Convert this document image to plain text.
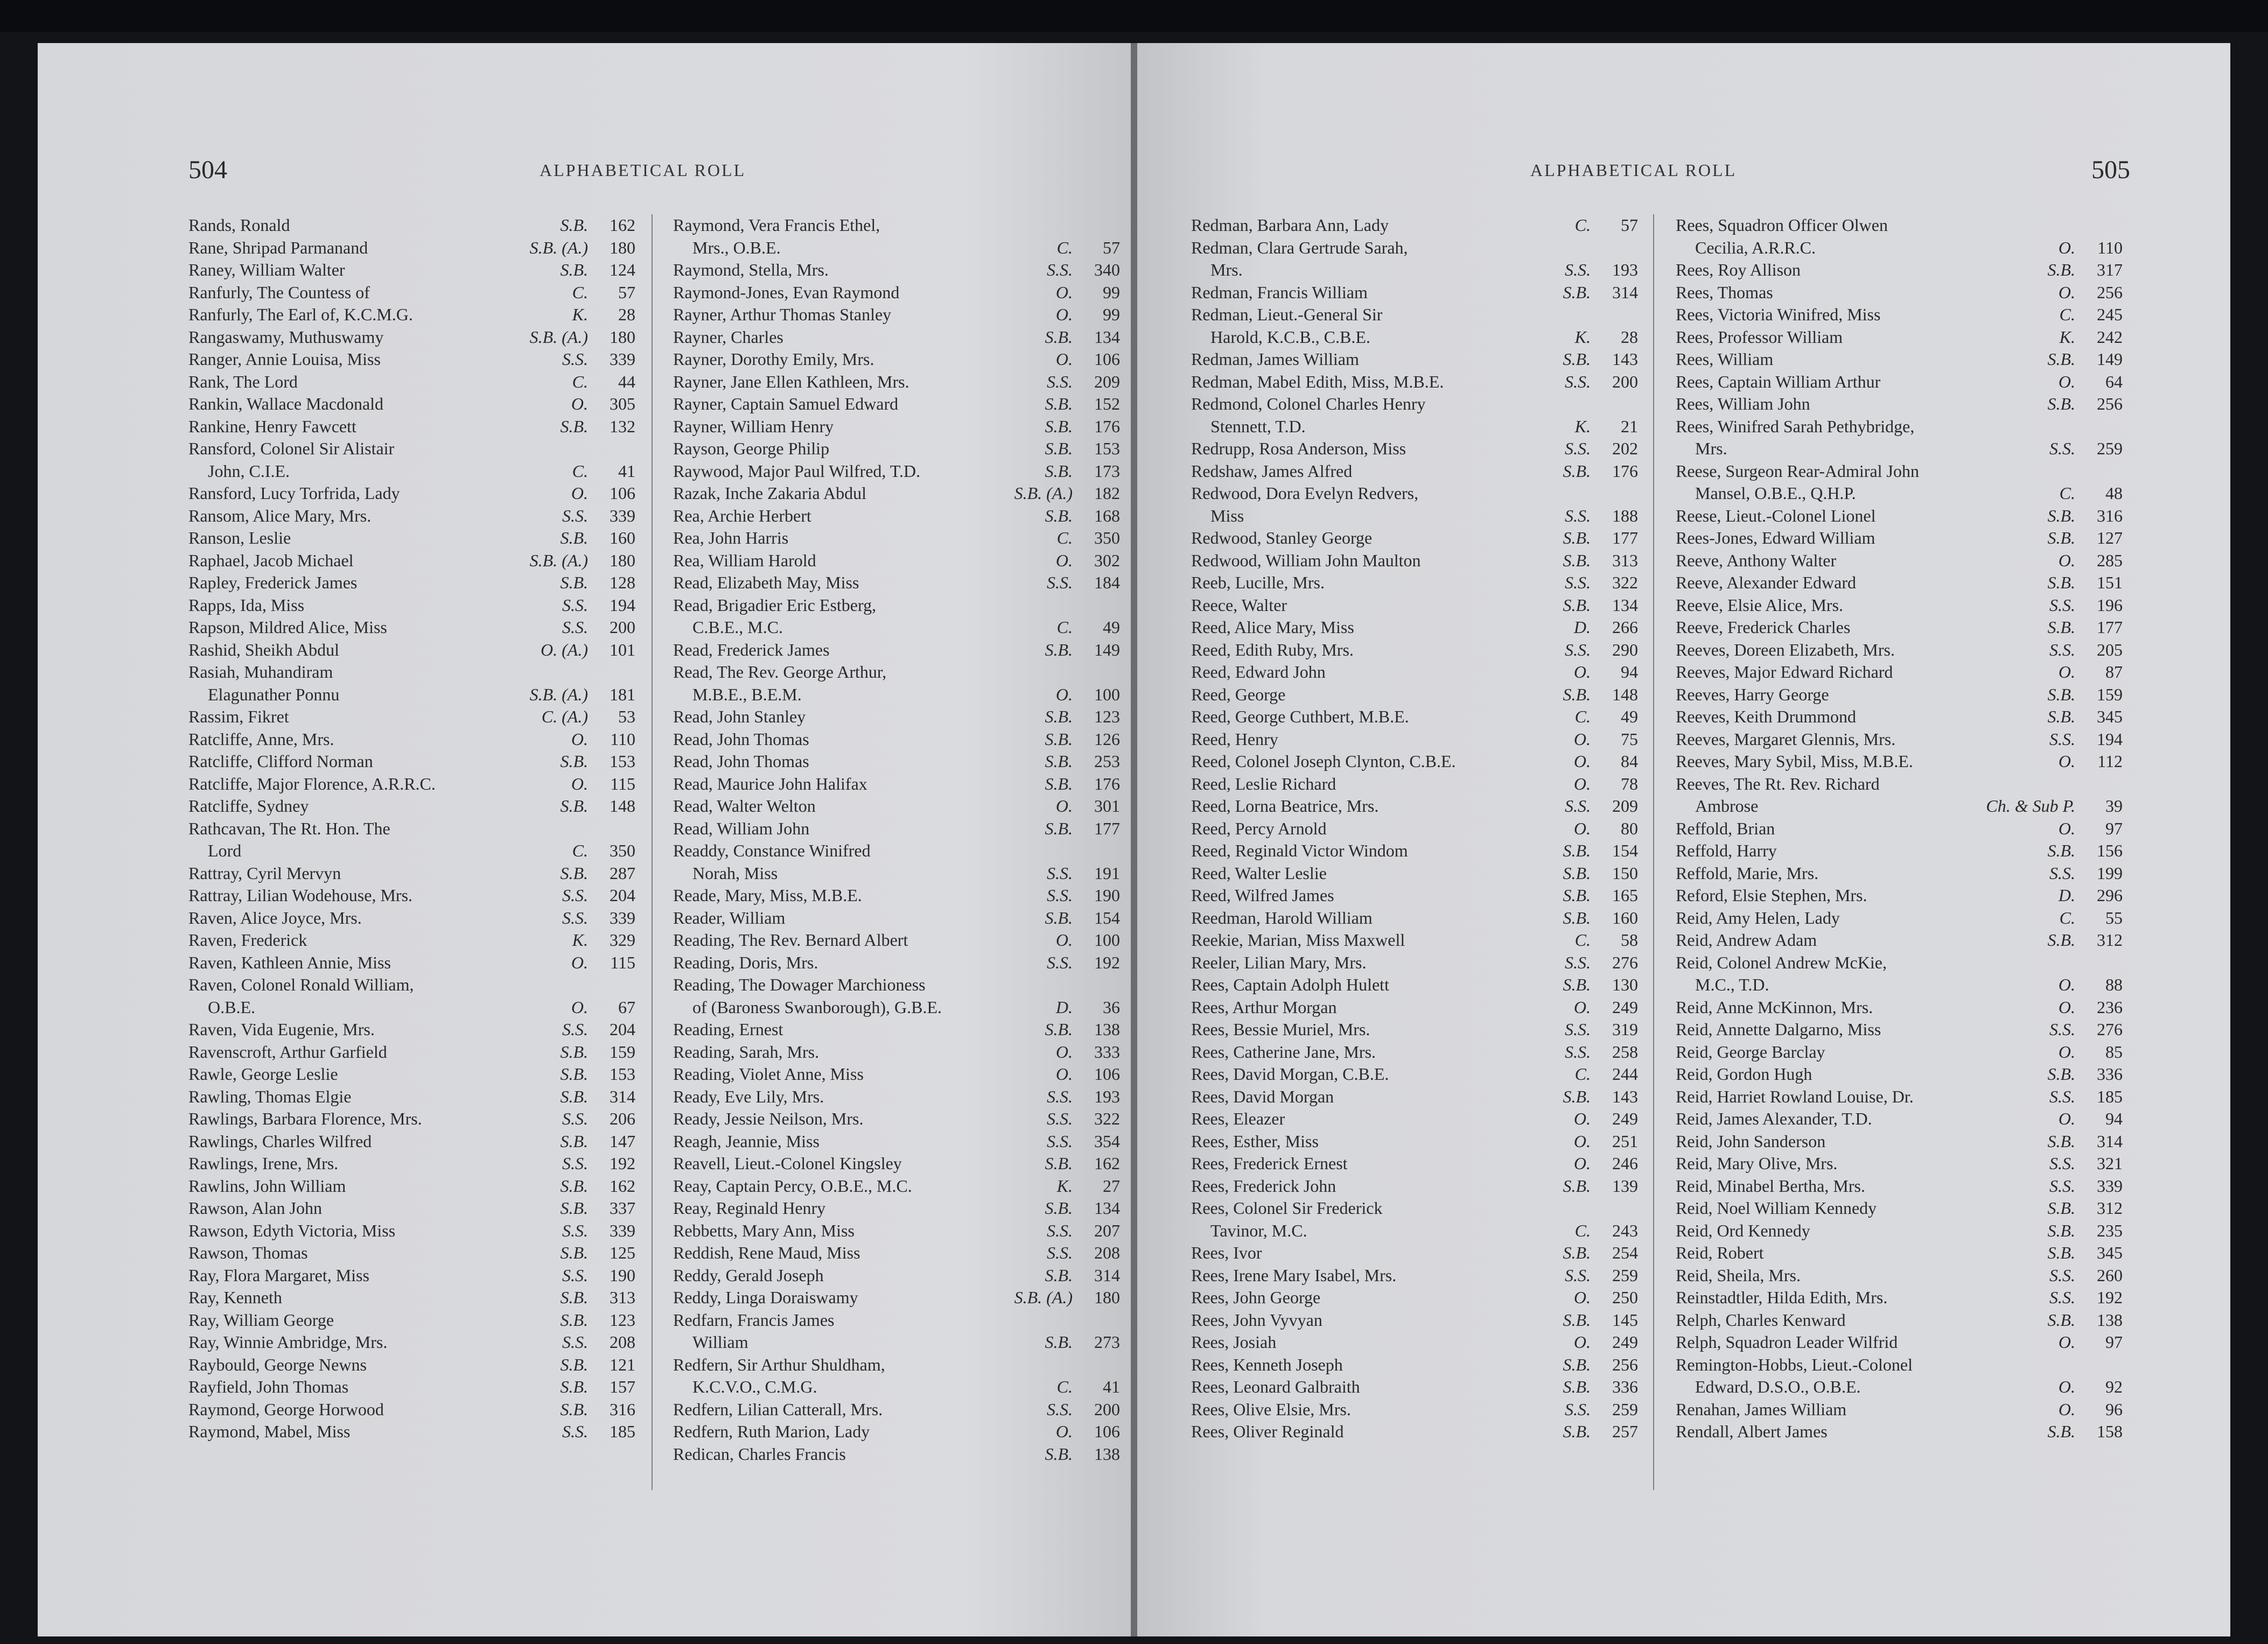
504	ALPHABETICAL ROLL
Rands, Ronald	S.B.	162
Rane, Shripad Parmanand	S.B. (A.)	180
Raney, William Walter	S.B.	124
Ranfurly, The Countess of	C.	57
Ranfurly, The Earl of, K.C.M.G.	K.	28
Rangaswamy, Muthuswamy	S.B. (A.)	180
Ranger, Annie Louisa, Miss	S.S.	339
Rank, The Lord	C.	44
Rankin, Wallace Macdonald	O.	305
Rankine, Henry Fawcett	S.B.	132
Ransford, Colonel Sir Alistair
John, C.I.E.	C.	41
Ransford, Lucy Torfrida, Lady	O.	106
Ransom, Alice Mary, Mrs.	S.S.	339
Ranson, Leslie	S.B.	160
Raphael, Jacob Michael	S.B. (A.)	180
Rapley, Frederick James	S.B.	128
Rapps, Ida, Miss	S.S.	194
Rapson, Mildred Alice, Miss	S.S.	200
Rashid, Sheikh Abdul	O. (A.)	101
Rasiah, Muhandiram
Elagunather Ponnu	S.B. (A.)	181
Rassim, Fikret	C. (A.)	53
Ratcliffe, Anne, Mrs.	O.	110
Ratcliffe, Clifford Norman	S.B.	153
Ratcliffe, Major Florence, A.R.R.C.	O.	115
Ratcliffe, Sydney	S.B.	148
Rathcavan, The Rt. Hon. The
Lord	C.	350
Rattray, Cyril Mervyn	S.B.	287
Rattray, Lilian Wodehouse, Mrs.	S.S.	204
Raven, Alice Joyce, Mrs.	S.S.	339
Raven, Frederick	K.	329
Raven, Kathleen Annie, Miss	O.	115
Raven, Colonel Ronald William,
O.B.E.	O.	67
Raven, Vida Eugenie, Mrs.	S.S.	204
Ravenscroft, Arthur Garfield	S.B.	159
Rawle, George Leslie	S.B.	153
Rawling, Thomas Elgie	S.B.	314
Rawlings, Barbara Florence, Mrs.	S.S.	206
Rawlings, Charles Wilfred	S.B.	147
Rawlings, Irene, Mrs.	S.S.	192
Rawlins, John William	S.B.	162
Rawson, Alan John	S.B.	337
Rawson, Edyth Victoria, Miss	S.S.	339
Rawson, Thomas	S.B.	125
Ray, Flora Margaret, Miss	S.S.	190
Ray, Kenneth	S.B.	313
Ray, William George	S.B.	123
Ray, Winnie Ambridge, Mrs.	S.S.	208
Raybould, George Newns	S.B.	121
Rayfield, John Thomas	S.B.	157
Raymond, George Horwood	S.B.	316
Raymond, Mabel, Miss	S.S.	185
Raymond, Vera Francis Ethel,
Mrs., O.B.E.	C.	57
Raymond, Stella, Mrs.	S.S.	340
Raymond-Jones, Evan Raymond	O.	99
Rayner, Arthur Thomas Stanley	O.	99
Rayner, Charles	S.B.	134
Rayner, Dorothy Emily, Mrs.	O.	106
Rayner, Jane Ellen Kathleen, Mrs.	S.S.	209
Rayner, Captain Samuel Edward	S.B.	152
Rayner, William Henry	S.B.	176
Rayson, George Philip	S.B.	153
Raywood, Major Paul Wilfred, T.D.	S.B.	173
Razak, Inche Zakaria Abdul	S.B. (A.)	182
Rea, Archie Herbert	S.B.	168
Rea, John Harris	C.	350
Rea, William Harold	O.	302
Read, Elizabeth May, Miss	S.S.	184
Read, Brigadier Eric Estberg,
C.B.E., M.C.	C.	49
Read, Frederick James	S.B.	149
Read, The Rev. George Arthur,
M.B.E., B.E.M.	O.	100
Read, John Stanley	S.B.	123
Read, John Thomas	S.B.	126
Read, John Thomas	S.B.	253
Read, Maurice John Halifax	S.B.	176
Read, Walter Welton	O.	301
Read, William John	S.B.	177
Readdy, Constance Winifred
Norah, Miss	S.S.	191
Reade, Mary, Miss, M.B.E.	S.S.	190
Reader, William	S.B.	154
Reading, The Rev. Bernard Albert	O.	100
Reading, Doris, Mrs.	S.S.	192
Reading, The Dowager Marchioness
of (Baroness Swanborough), G.B.E.	D.	36
Reading, Ernest	S.B.	138
Reading, Sarah, Mrs.	O.	333
Reading, Violet Anne, Miss	O.	106
Ready, Eve Lily, Mrs.	S.S.	193
Ready, Jessie Neilson, Mrs.	S.S.	322
Reagh, Jeannie, Miss	S.S.	354
Reavell, Lieut.-Colonel Kingsley	S.B.	162
Reay, Captain Percy, O.B.E., M.C.	K.	27
Reay, Reginald Henry	S.B.	134
Rebbetts, Mary Ann, Miss	S.S.	207
Reddish, Rene Maud, Miss	S.S.	208
Reddy, Gerald Joseph	S.B.	314
Reddy, Linga Doraiswamy	S.B. (A.)	180
Redfarn, Francis James
William	S.B.	273
Redfern, Sir Arthur Shuldham,
K.C.V.O., C.M.G.	C.	41
Redfern, Lilian Catterall, Mrs.	S.S.	200
Redfern, Ruth Marion, Lady	O.	106
Redican, Charles Francis	S.B.	138
ALPHABETICAL ROLL	505
Redman, Barbara Ann, Lady	C.	57
Redman, Clara Gertrude Sarah,
Mrs.	S.S.	193
Redman, Francis William	S.B.	314
Redman, Lieut.-General Sir
Harold, K.C.B., C.B.E.	K.	28
Redman, James William	S.B.	143
Redman, Mabel Edith, Miss, M.B.E.	S.S.	200
Redmond, Colonel Charles Henry
Stennett, T.D.	K.	21
Redrupp, Rosa Anderson, Miss	S.S.	202
Redshaw, James Alfred	S.B.	176
Redwood, Dora Evelyn Redvers,
Miss	S.S.	188
Redwood, Stanley George	S.B.	177
Redwood, William John Maulton	S.B.	313
Reeb, Lucille, Mrs.	S.S.	322
Reece, Walter	S.B.	134
Reed, Alice Mary, Miss	D.	266
Reed, Edith Ruby, Mrs.	S.S.	290
Reed, Edward John	O.	94
Reed, George	S.B.	148
Reed, George Cuthbert, M.B.E.	C.	49
Reed, Henry	O.	75
Reed, Colonel Joseph Clynton, C.B.E.	O.	84
Reed, Leslie Richard	O.	78
Reed, Lorna Beatrice, Mrs.	S.S.	209
Reed, Percy Arnold	O.	80
Reed, Reginald Victor Windom	S.B.	154
Reed, Walter Leslie	S.B.	150
Reed, Wilfred James	S.B.	165
Reedman, Harold William	S.B.	160
Reekie, Marian, Miss Maxwell	C.	58
Reeler, Lilian Mary, Mrs.	S.S.	276
Rees, Captain Adolph Hulett	S.B.	130
Rees, Arthur Morgan	O.	249
Rees, Bessie Muriel, Mrs.	S.S.	319
Rees, Catherine Jane, Mrs.	S.S.	258
Rees, David Morgan, C.B.E.	C.	244
Rees, David Morgan	S.B.	143
Rees, Eleazer	O.	249
Rees, Esther, Miss	O.	251
Rees, Frederick Ernest	O.	246
Rees, Frederick John	S.B.	139
Rees, Colonel Sir Frederick
Tavinor, M.C.	C.	243
Rees, Ivor	S.B.	254
Rees, Irene Mary Isabel, Mrs.	S.S.	259
Rees, John George	O.	250
Rees, John Vyvyan	S.B.	145
Rees, Josiah	O.	249
Rees, Kenneth Joseph	S.B.	256
Rees, Leonard Galbraith	S.B.	336
Rees, Olive Elsie, Mrs.	S.S.	259
Rees, Oliver Reginald	S.B.	257
Rees, Squadron Officer Olwen
Cecilia, A.R.R.C.	O.	110
Rees, Roy Allison	S.B.	317
Rees, Thomas	O.	256
Rees, Victoria Winifred, Miss	C.	245
Rees, Professor William	K.	242
Rees, William	S.B.	149
Rees, Captain William Arthur	O.	64
Rees, William John	S.B.	256
Rees, Winifred Sarah Pethybridge,
Mrs.	S.S.	259
Reese, Surgeon Rear-Admiral John
Mansel, O.B.E., Q.H.P.	C.	48
Reese, Lieut.-Colonel Lionel	S.B.	316
Rees-Jones, Edward William	S.B.	127
Reeve, Anthony Walter	O.	285
Reeve, Alexander Edward	S.B.	151
Reeve, Elsie Alice, Mrs.	S.S.	196
Reeve, Frederick Charles	S.B.	177
Reeves, Doreen Elizabeth, Mrs.	S.S.	205
Reeves, Major Edward Richard	O.	87
Reeves, Harry George	S.B.	159
Reeves, Keith Drummond	S.B.	345
Reeves, Margaret Glennis, Mrs.	S.S.	194
Reeves, Mary Sybil, Miss, M.B.E.	O.	112
Reeves, The Rt. Rev. Richard
Ambrose	Ch. & Sub P.	39
Reffold, Brian	O.	97
Reffold, Harry	S.B.	156
Reffold, Marie, Mrs.	S.S.	199
Reford, Elsie Stephen, Mrs.	D.	296
Reid, Amy Helen, Lady	C.	55
Reid, Andrew Adam	S.B.	312
Reid, Colonel Andrew McKie,
M.C., T.D.	O.	88
Reid, Anne McKinnon, Mrs.	O.	236
Reid, Annette Dalgarno, Miss	S.S.	276
Reid, George Barclay	O.	85
Reid, Gordon Hugh	S.B.	336
Reid, Harriet Rowland Louise, Dr.	S.S.	185
Reid, James Alexander, T.D.	O.	94
Reid, John Sanderson	S.B.	314
Reid, Mary Olive, Mrs.	S.S.	321
Reid, Minabel Bertha, Mrs.	S.S.	339
Reid, Noel William Kennedy	S.B.	312
Reid, Ord Kennedy	S.B.	235
Reid, Robert	S.B.	345
Reid, Sheila, Mrs.	S.S.	260
Reinstadtler, Hilda Edith, Mrs.	S.S.	192
Relph, Charles Kenward	S.B.	138
Relph, Squadron Leader Wilfrid	O.	97
Remington-Hobbs, Lieut.-Colonel
Edward, D.S.O., O.B.E.	O.	92
Renahan, James William	O.	96
Rendall, Albert James	S.B.	158
